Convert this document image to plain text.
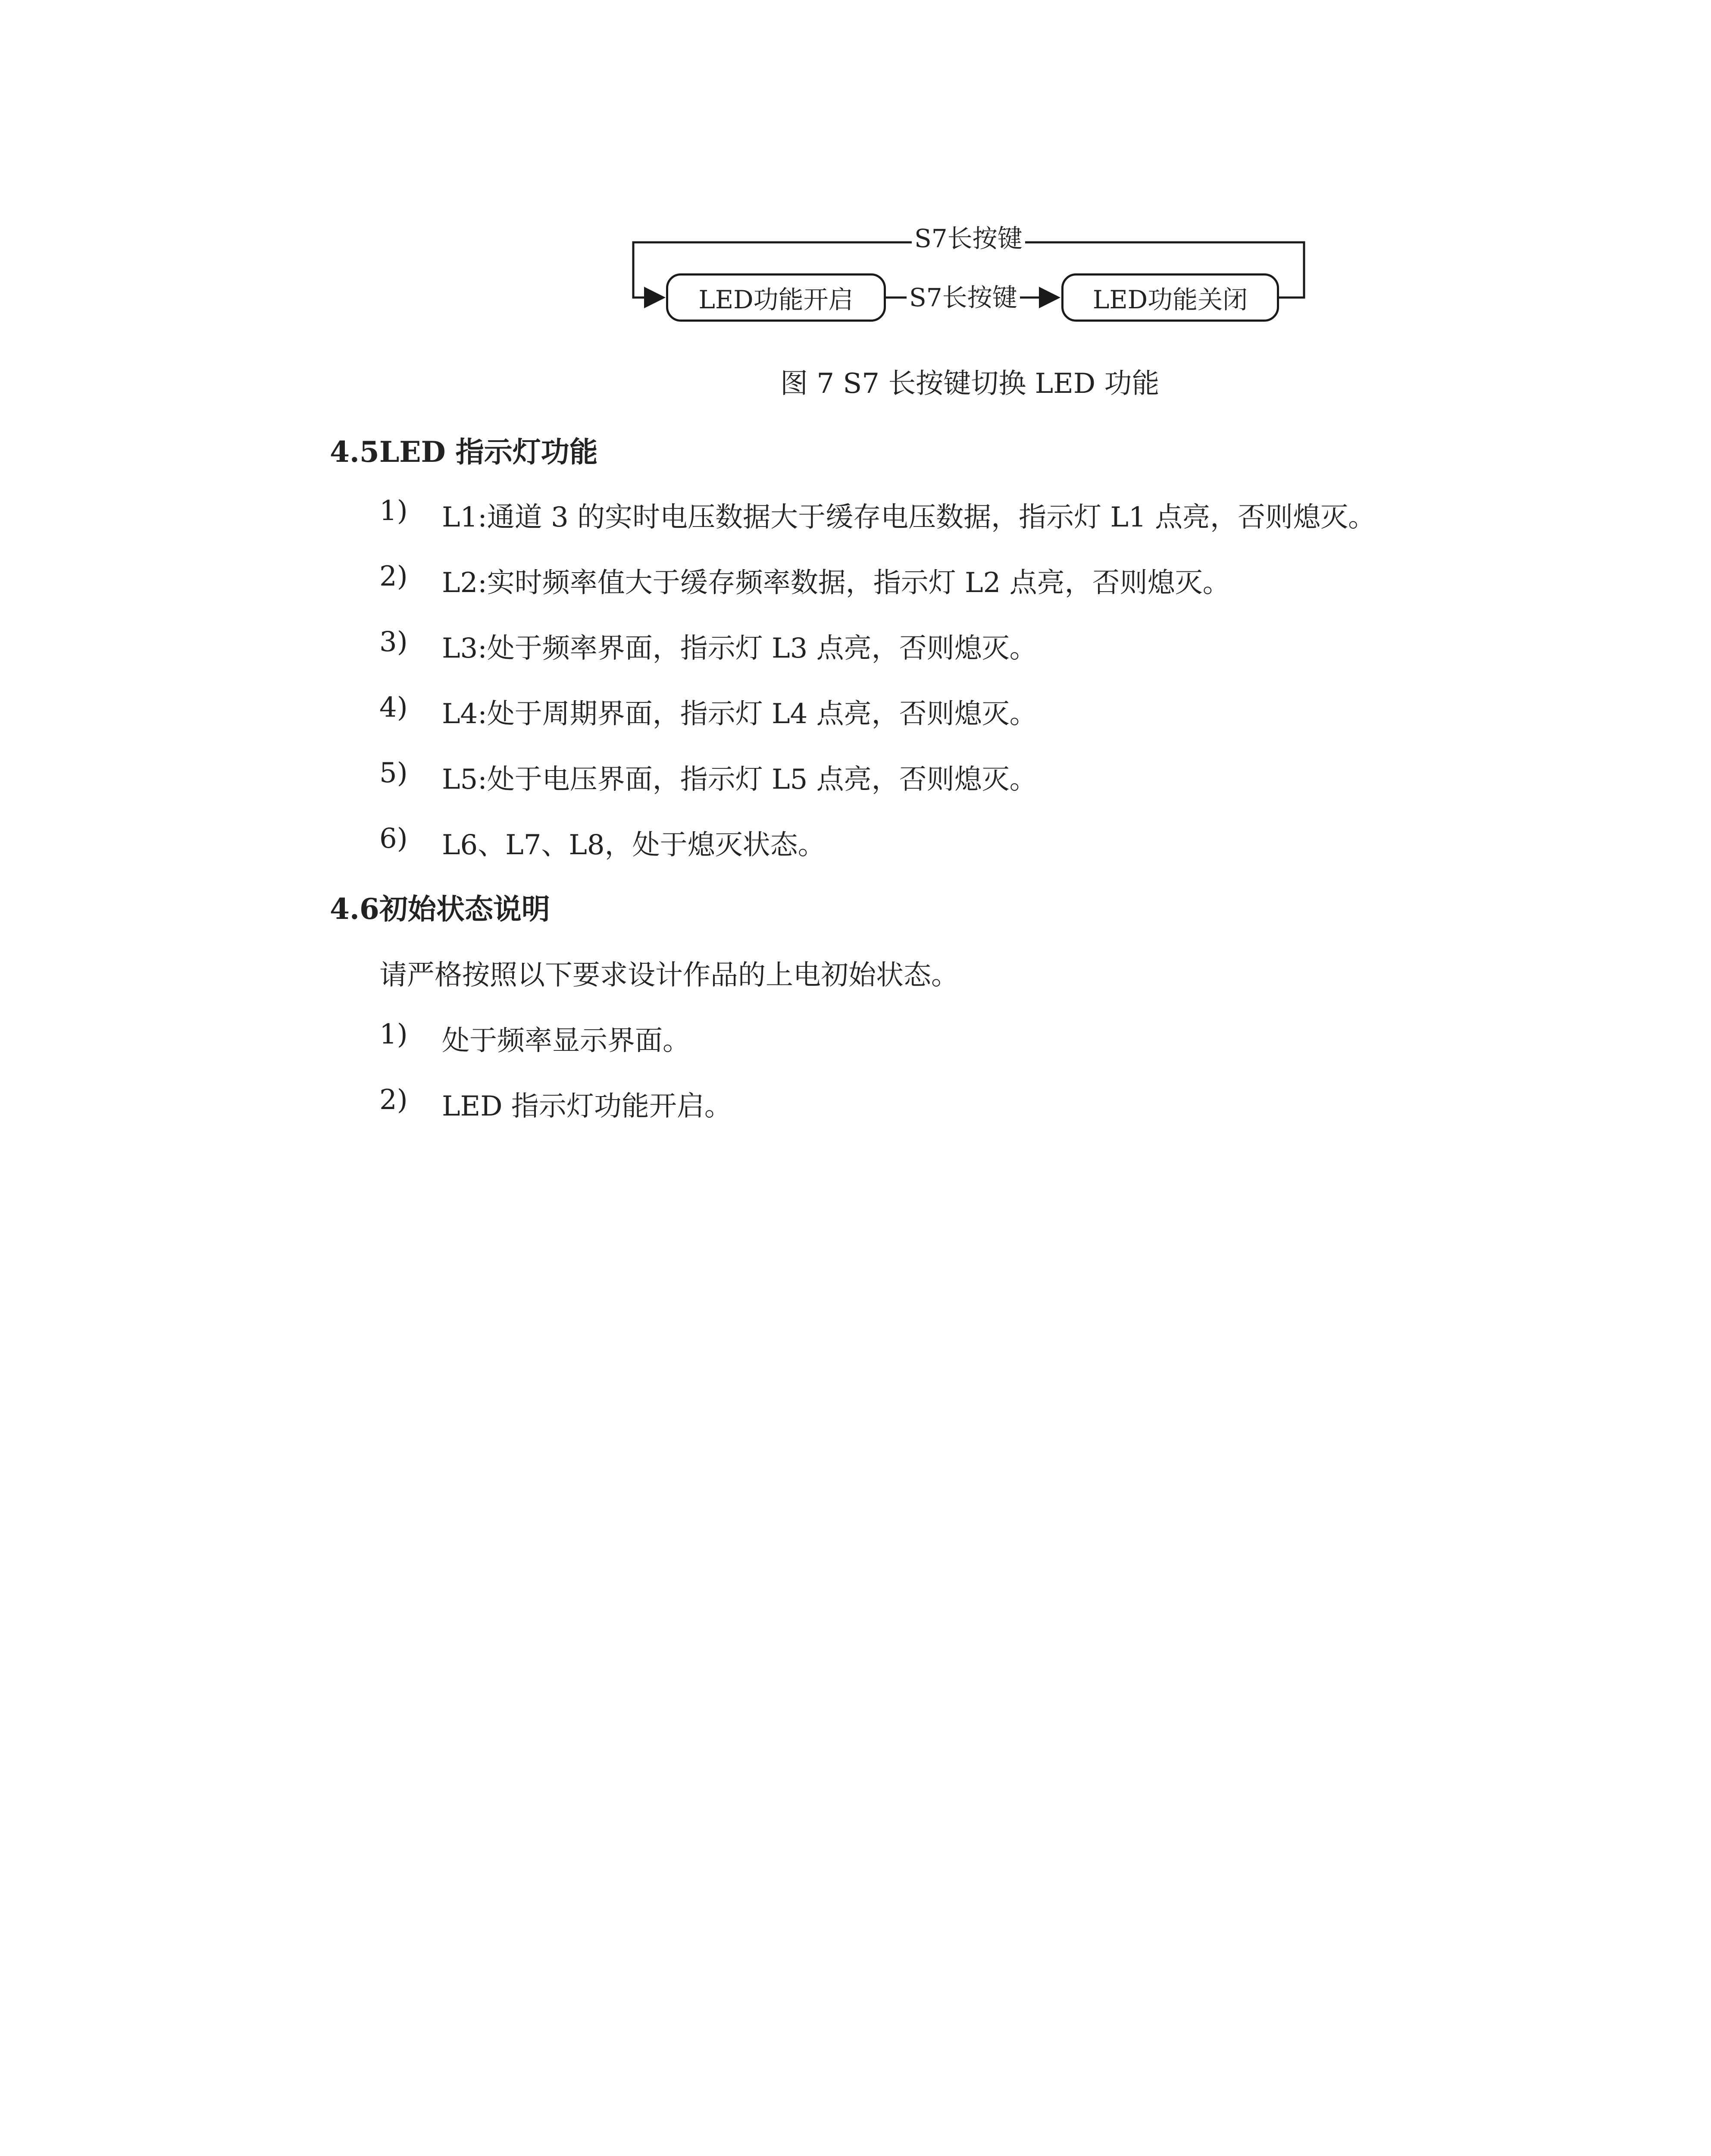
S7长按键
S7长按键
LED功能开启	LED功能关闭
图 7 S7 长按键切换 LED 功能
4.5LED 指示灯功能
1)	L1:通道 3 的实时电压数据大于缓存电压数据，指示灯 L1 点亮，否则熄灭。
2)	L2:实时频率值大于缓存频率数据，指示灯 L2 点亮，否则熄灭。
3)	L3:处于频率界面，指示灯 L3 点亮，否则熄灭。
4)	L4:处于周期界面，指示灯 L4 点亮，否则熄灭。
5)	L5:处于电压界面，指示灯 L5 点亮，否则熄灭。
6)	L6、L7、L8，处于熄灭状态。
4.6初始状态说明
请严格按照以下要求设计作品的上电初始状态。
1)	处于频率显示界面。
2)	LED 指示灯功能开启。
